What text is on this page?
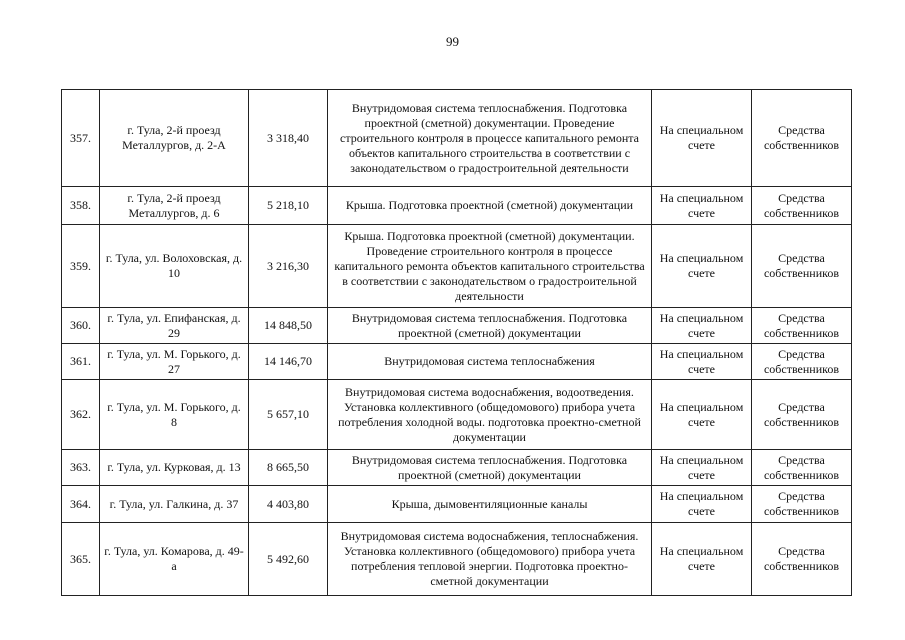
99
357.	г. Тула, 2-й проезд Металлургов, д. 2-А	3 318,40	Внутридомовая система теплоснабжения. Подготовка проектной (сметной) документации. Проведение строительного контроля в процессе капитального ремонта объектов капитального строительства в соответствии с законодательством о градостроительной деятельности	На специальном счете	Средства собственников
358.	г. Тула, 2-й проезд Металлургов, д. 6	5 218,10	Крыша. Подготовка проектной (сметной) документации	На специальном счете	Средства собственников
359.	г. Тула, ул. Волоховская, д. 10	3 216,30	Крыша. Подготовка проектной (сметной) документации. Проведение строительного контроля в процессе капитального ремонта объектов капитального строительства в соответствии с законодательством о градостроительной деятельности	На специальном счете	Средства собственников
360.	г. Тула, ул. Епифанская, д. 29	14 848,50	Внутридомовая система теплоснабжения. Подготовка проектной (сметной) документации	На специальном счете	Средства собственников
361.	г. Тула, ул. М. Горького, д. 27	14 146,70	Внутридомовая система теплоснабжения	На специальном счете	Средства собственников
362.	г. Тула, ул. М. Горького, д. 8	5 657,10	Внутридомовая система водоснабжения, водоотведения. Установка коллективного (общедомового) прибора учета потребления холодной воды. подготовка проектно-сметной документации	На специальном счете	Средства собственников
363.	г. Тула, ул. Курковая, д. 13	8 665,50	Внутридомовая система теплоснабжения. Подготовка проектной (сметной) документации	На специальном счете	Средства собственников
364.	г. Тула, ул. Галкина, д. 37	4 403,80	Крыша, дымовентиляционные каналы	На специальном счете	Средства собственников
365.	г. Тула, ул. Комарова, д. 49-а	5 492,60	Внутридомовая система водоснабжения, теплоснабжения. Установка коллективного (общедомового) прибора учета потребления тепловой энергии. Подготовка проектно-сметной документации	На специальном счете	Средства собственников
